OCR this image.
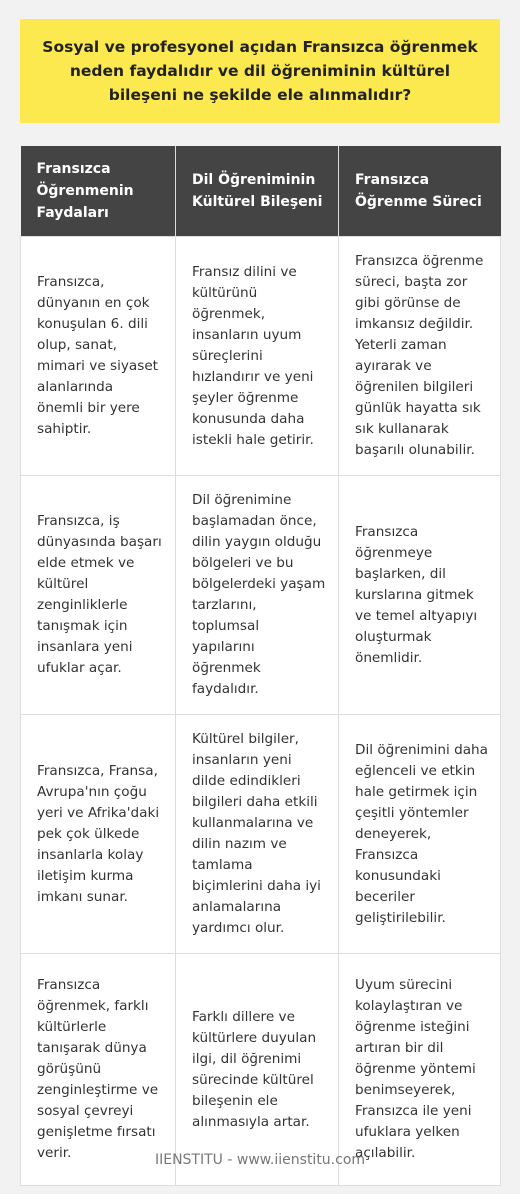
Sosyal ve profesyonel açıdan Fransızca öğrenmek neden faydalıdır ve dil öğreniminin kültürel bileşeni ne şekilde ele alınmalıdır?
Fransızca Öğrenmenin Faydaları	Dil Öğreniminin Kültürel Bileşeni	Fransızca Öğrenme Süreci
Fransızca, dünyanın en çok konuşulan 6. dili olup, sanat, mimari ve siyaset alanlarında önemli bir yere sahiptir.	Fransız dilini ve kültürünü öğrenmek, insanların uyum süreçlerini hızlandırır ve yeni şeyler öğrenme konusunda daha istekli hale getirir.	Fransızca öğrenme süreci, başta zor gibi görünse de imkansız değildir. Yeterli zaman ayırarak ve öğrenilen bilgileri günlük hayatta sık sık kullanarak başarılı olunabilir.
Fransızca, iş dünyasında başarı elde etmek ve kültürel zenginliklerle tanışmak için insanlara yeni ufuklar açar.	Dil öğrenimine başlamadan önce, dilin yaygın olduğu bölgeleri ve bu bölgelerdeki yaşam tarzlarını, toplumsal yapılarını öğrenmek faydalıdır.	Fransızca öğrenmeye başlarken, dil kurslarına gitmek ve temel altyapıyı oluşturmak önemlidir.
Fransızca, Fransa, Avrupa'nın çoğu yeri ve Afrika'daki pek çok ülkede insanlarla kolay iletişim kurma imkanı sunar.	Kültürel bilgiler, insanların yeni dilde edindikleri bilgileri daha etkili kullanmalarına ve dilin nazım ve tamlama biçimlerini daha iyi anlamalarına yardımcı olur.	Dil öğrenimini daha eğlenceli ve etkin hale getirmek için çeşitli yöntemler deneyerek, Fransızca konusundaki beceriler geliştirilebilir.
Fransızca öğrenmek, farklı kültürlerle tanışarak dünya görüşünü zenginleştirme ve sosyal çevreyi genişletme fırsatı verir.	Farklı dillere ve kültürlere duyulan ilgi, dil öğrenimi sürecinde kültürel bileşenin ele alınmasıyla artar.	Uyum sürecini kolaylaştıran ve öğrenme isteğini artıran bir dil öğrenme yöntemi benimseyerek, Fransızca ile yeni ufuklara yelken açılabilir.
IIENSTITU - www.iienstitu.com
